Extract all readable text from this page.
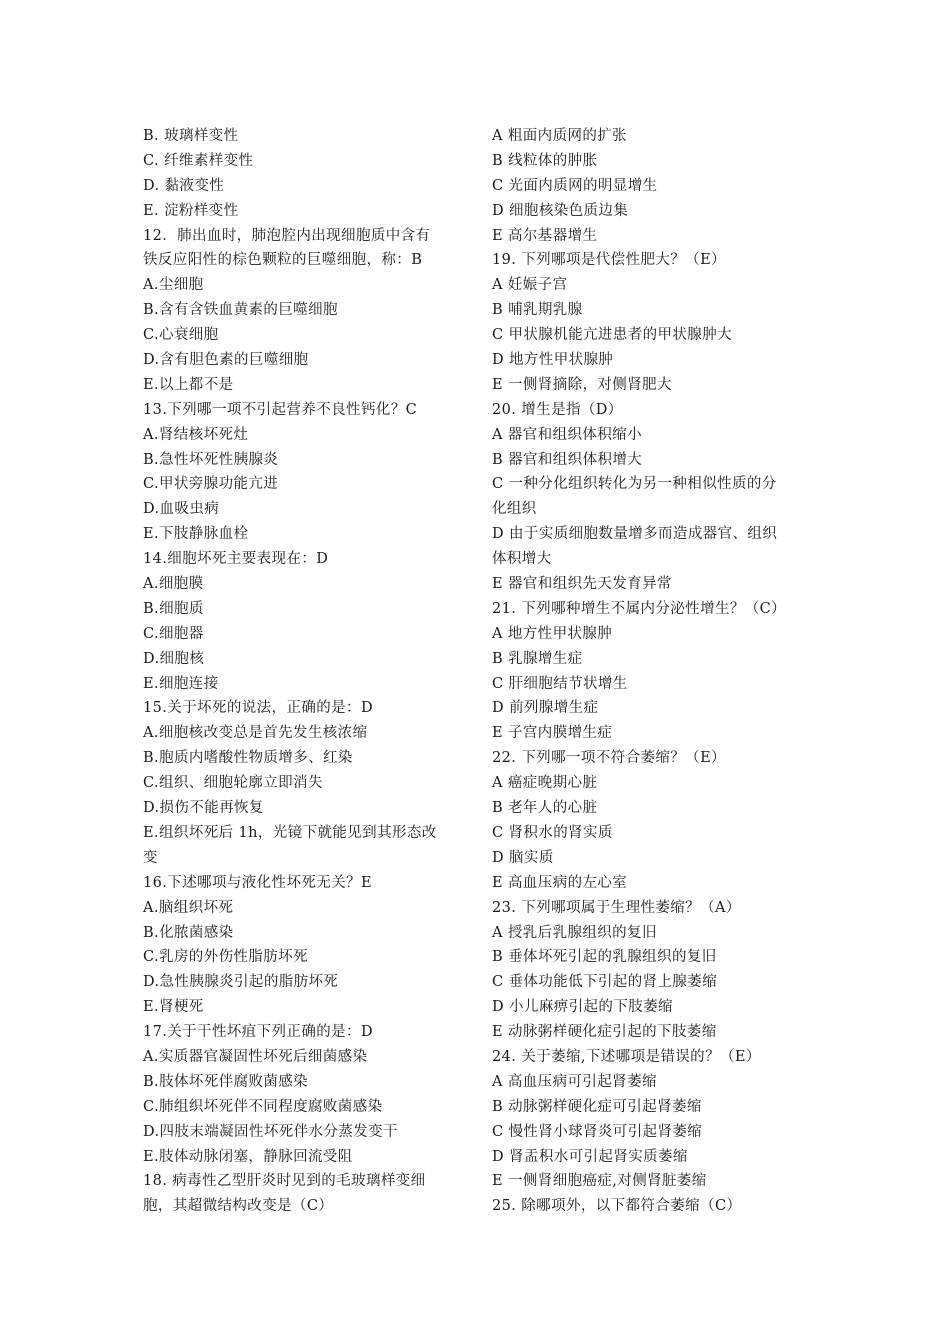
B. 玻璃样变性
C. 纤维素样变性
D. 黏液变性
E. 淀粉样变性
12．肺出血时，肺泡腔内出现细胞质中含有
铁反应阳性的棕色颗粒的巨噬细胞，称：B
A.尘细胞
B.含有含铁血黄素的巨噬细胞
C.心衰细胞
D.含有胆色素的巨噬细胞
E.以上都不是
13.下列哪一项不引起营养不良性钙化？C
A.肾结核坏死灶
B.急性坏死性胰腺炎
C.甲状旁腺功能亢进
D.血吸虫病
E.下肢静脉血栓
14.细胞坏死主要表现在：D
A.细胞膜
B.细胞质
C.细胞器
D.细胞核
E.细胞连接
15.关于坏死的说法，正确的是：D
A.细胞核改变总是首先发生核浓缩
B.胞质内嗜酸性物质增多、红染
C.组织、细胞轮廓立即消失
D.损伤不能再恢复
E.组织坏死后 1h，光镜下就能见到其形态改
变
16.下述哪项与液化性坏死无关？E
A.脑组织坏死
B.化脓菌感染
C.乳房的外伤性脂肪坏死
D.急性胰腺炎引起的脂肪坏死
E.肾梗死
17.关于干性坏疽下列正确的是：D
A.实质器官凝固性坏死后细菌感染
B.肢体坏死伴腐败菌感染
C.肺组织坏死伴不同程度腐败菌感染
D.四肢末端凝固性坏死伴水分蒸发变干
E.肢体动脉闭塞，静脉回流受阻
18. 病毒性乙型肝炎时见到的毛玻璃样变细
胞，其超微结构改变是（C）
A 粗面内质网的扩张
B 线粒体的肿胀
C 光面内质网的明显增生
D 细胞核染色质边集
E 高尔基器增生
19. 下列哪项是代偿性肥大？（E）
A 妊娠子宫
B 哺乳期乳腺
C 甲状腺机能亢进患者的甲状腺肿大
D 地方性甲状腺肿
E 一侧肾摘除，对侧肾肥大
20. 增生是指（D）
A 器官和组织体积缩小
B 器官和组织体积增大
C 一种分化组织转化为另一种相似性质的分
化组织
D 由于实质细胞数量增多而造成器官、组织
体积增大
E 器官和组织先天发育异常
21. 下列哪种增生不属内分泌性增生？（C）
A 地方性甲状腺肿
B 乳腺增生症
C 肝细胞结节状增生
D 前列腺增生症
E 子宫内膜增生症
22. 下列哪一项不符合萎缩？（E）
A 癌症晚期心脏
B 老年人的心脏
C 肾积水的肾实质
D 脑实质
E 高血压病的左心室
23. 下列哪项属于生理性萎缩？（A）
A 授乳后乳腺组织的复旧
B 垂体坏死引起的乳腺组织的复旧
C 垂体功能低下引起的肾上腺萎缩
D 小儿麻痹引起的下肢萎缩
E 动脉粥样硬化症引起的下肢萎缩
24. 关于萎缩,下述哪项是错误的？（E）
A 高血压病可引起肾萎缩
B 动脉粥样硬化症可引起肾萎缩
C 慢性肾小球肾炎可引起肾萎缩
D 肾盂积水可引起肾实质萎缩
E 一侧肾细胞癌症,对侧肾脏萎缩
25. 除哪项外，以下都符合萎缩（C）
